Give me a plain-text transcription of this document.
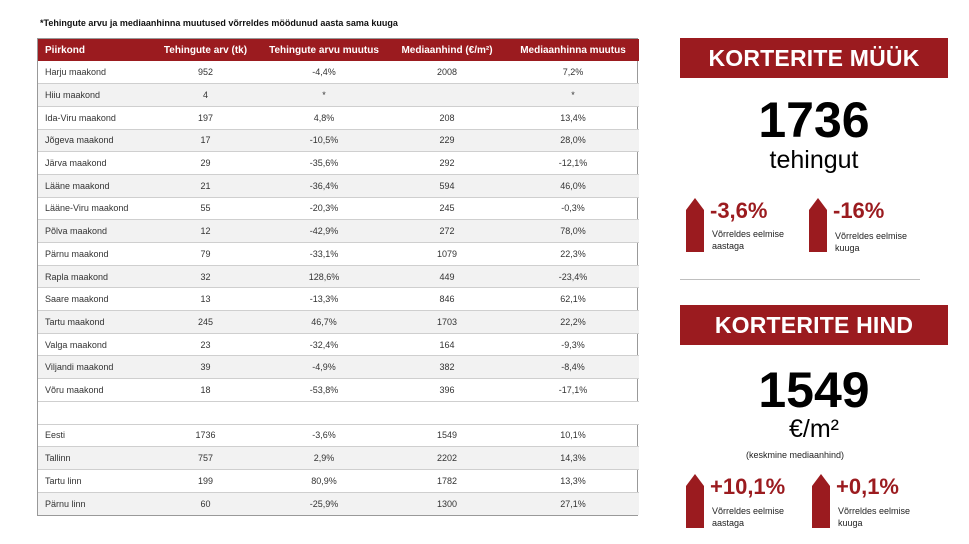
*Tehingute arvu ja mediaanhinna muutused võrreldes möödunud aasta sama kuuga
Piirkond	Tehingute arv (tk)	Tehingute arvu muutus	Mediaanhind (€/m²)	Mediaanhinna muutus
Harju maakond	952	-4,4%	2008	7,2%
Hiiu maakond	4	*		*
Ida-Viru maakond	197	4,8%	208	13,4%
Jõgeva maakond	17	-10,5%	229	28,0%
Järva maakond	29	-35,6%	292	-12,1%
Lääne maakond	21	-36,4%	594	46,0%
Lääne-Viru maakond	55	-20,3%	245	-0,3%
Põlva maakond	12	-42,9%	272	78,0%
Pärnu maakond	79	-33,1%	1079	22,3%
Rapla maakond	32	128,6%	449	-23,4%
Saare maakond	13	-13,3%	846	62,1%
Tartu maakond	245	46,7%	1703	22,2%
Valga maakond	23	-32,4%	164	-9,3%
Viljandi maakond	39	-4,9%	382	-8,4%
Võru maakond	18	-53,8%	396	-17,1%

Eesti	1736	-3,6%	1549	10,1%
Tallinn	757	2,9%	2202	14,3%
Tartu linn	199	80,9%	1782	13,3%
Pärnu linn	60	-25,9%	1300	27,1%
KORTERITE MÜÜK
1736
tehingut
-3,6%
Võrreldes eelmise aastaga
-16%
Võrreldes eelmise kuuga
KORTERITE HIND
1549
€/m²
(keskmine mediaanhind)
+10,1%
Võrreldes eelmise aastaga
+0,1%
Võrreldes eelmise kuuga
